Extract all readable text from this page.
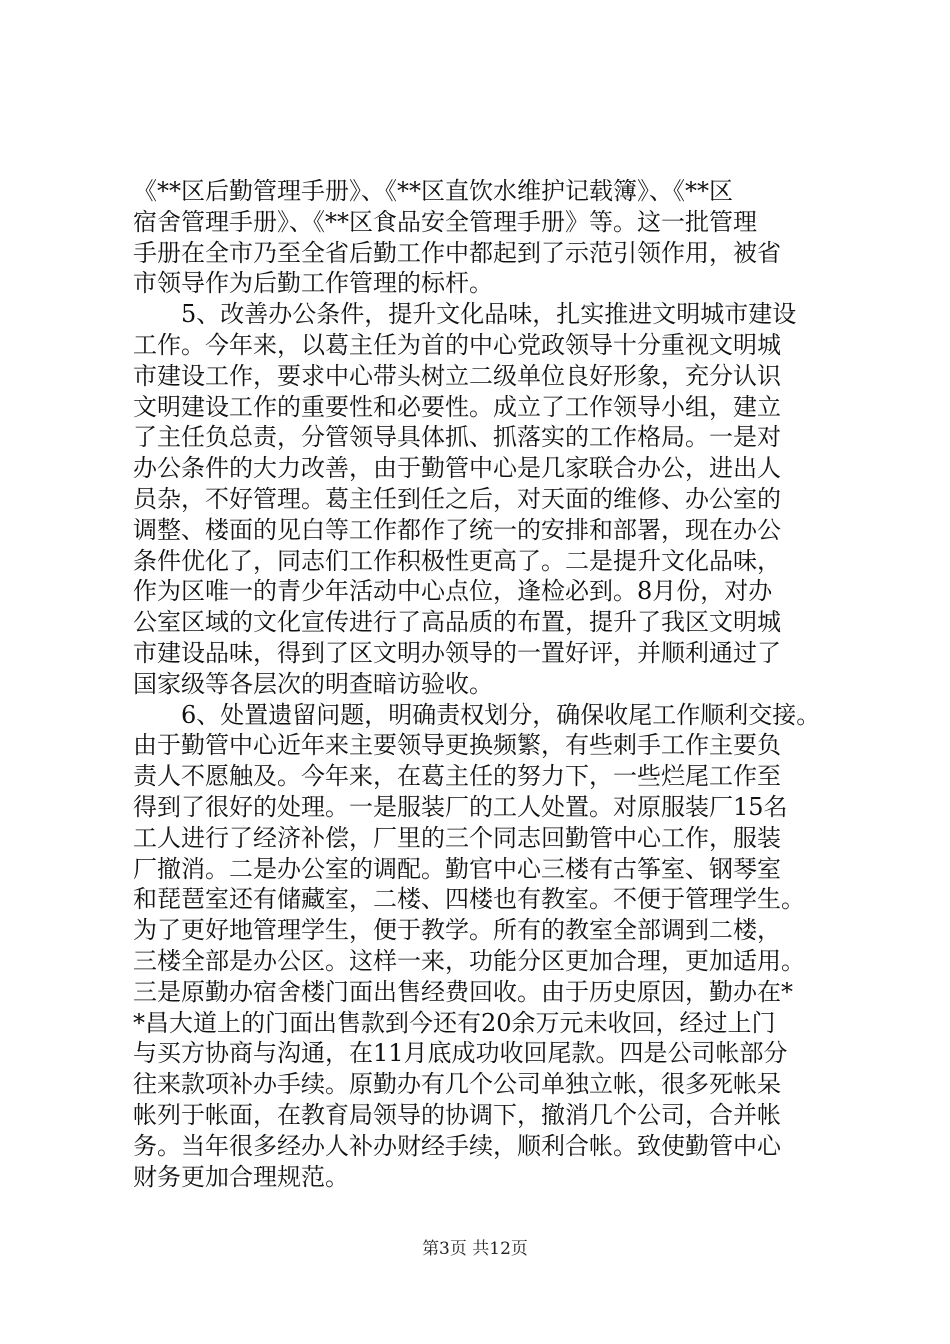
《**区后勤管理手册》、《**区直饮水维护记载簿》、《**区
宿舍管理手册》、《**区食品安全管理手册》等。这一批管理
手册在全市乃至全省后勤工作中都起到了示范引领作用，被省
市领导作为后勤工作管理的标杆。
　　5、改善办公条件，提升文化品味，扎实推进文明城市建设
工作。今年来，以葛主任为首的中心党政领导十分重视文明城
市建设工作，要求中心带头树立二级单位良好形象，充分认识
文明建设工作的重要性和必要性。成立了工作领导小组，建立
了主任负总责，分管领导具体抓、抓落实的工作格局。一是对
办公条件的大力改善，由于勤管中心是几家联合办公，进出人
员杂，不好管理。葛主任到任之后，对天面的维修、办公室的
调整、楼面的见白等工作都作了统一的安排和部署，现在办公
条件优化了，同志们工作积极性更高了。二是提升文化品味，
作为区唯一的青少年活动中心点位，逢检必到。8月份，对办
公室区域的文化宣传进行了高品质的布置，提升了我区文明城
市建设品味，得到了区文明办领导的一置好评，并顺利通过了
国家级等各层次的明查暗访验收。
　　6、处置遗留问题，明确责权划分，确保收尾工作顺利交接。
由于勤管中心近年来主要领导更换频繁，有些刺手工作主要负
责人不愿触及。今年来，在葛主任的努力下，一些烂尾工作至
得到了很好的处理。一是服装厂的工人处置。对原服装厂15名
工人进行了经济补偿，厂里的三个同志回勤管中心工作，服装
厂撤消。二是办公室的调配。勤官中心三楼有古筝室、钢琴室
和琵琶室还有储藏室，二楼、四楼也有教室。不便于管理学生。
为了更好地管理学生，便于教学。所有的教室全部调到二楼，
三楼全部是办公区。这样一来，功能分区更加合理，更加适用。
三是原勤办宿舍楼门面出售经费回收。由于历史原因，勤办在*
*昌大道上的门面出售款到今还有20余万元未收回，经过上门
与买方协商与沟通，在11月底成功收回尾款。四是公司帐部分
往来款项补办手续。原勤办有几个公司单独立帐，很多死帐呆
帐列于帐面，在教育局领导的协调下，撤消几个公司，合并帐
务。当年很多经办人补办财经手续，顺利合帐。致使勤管中心
财务更加合理规范。
第3页 共12页
